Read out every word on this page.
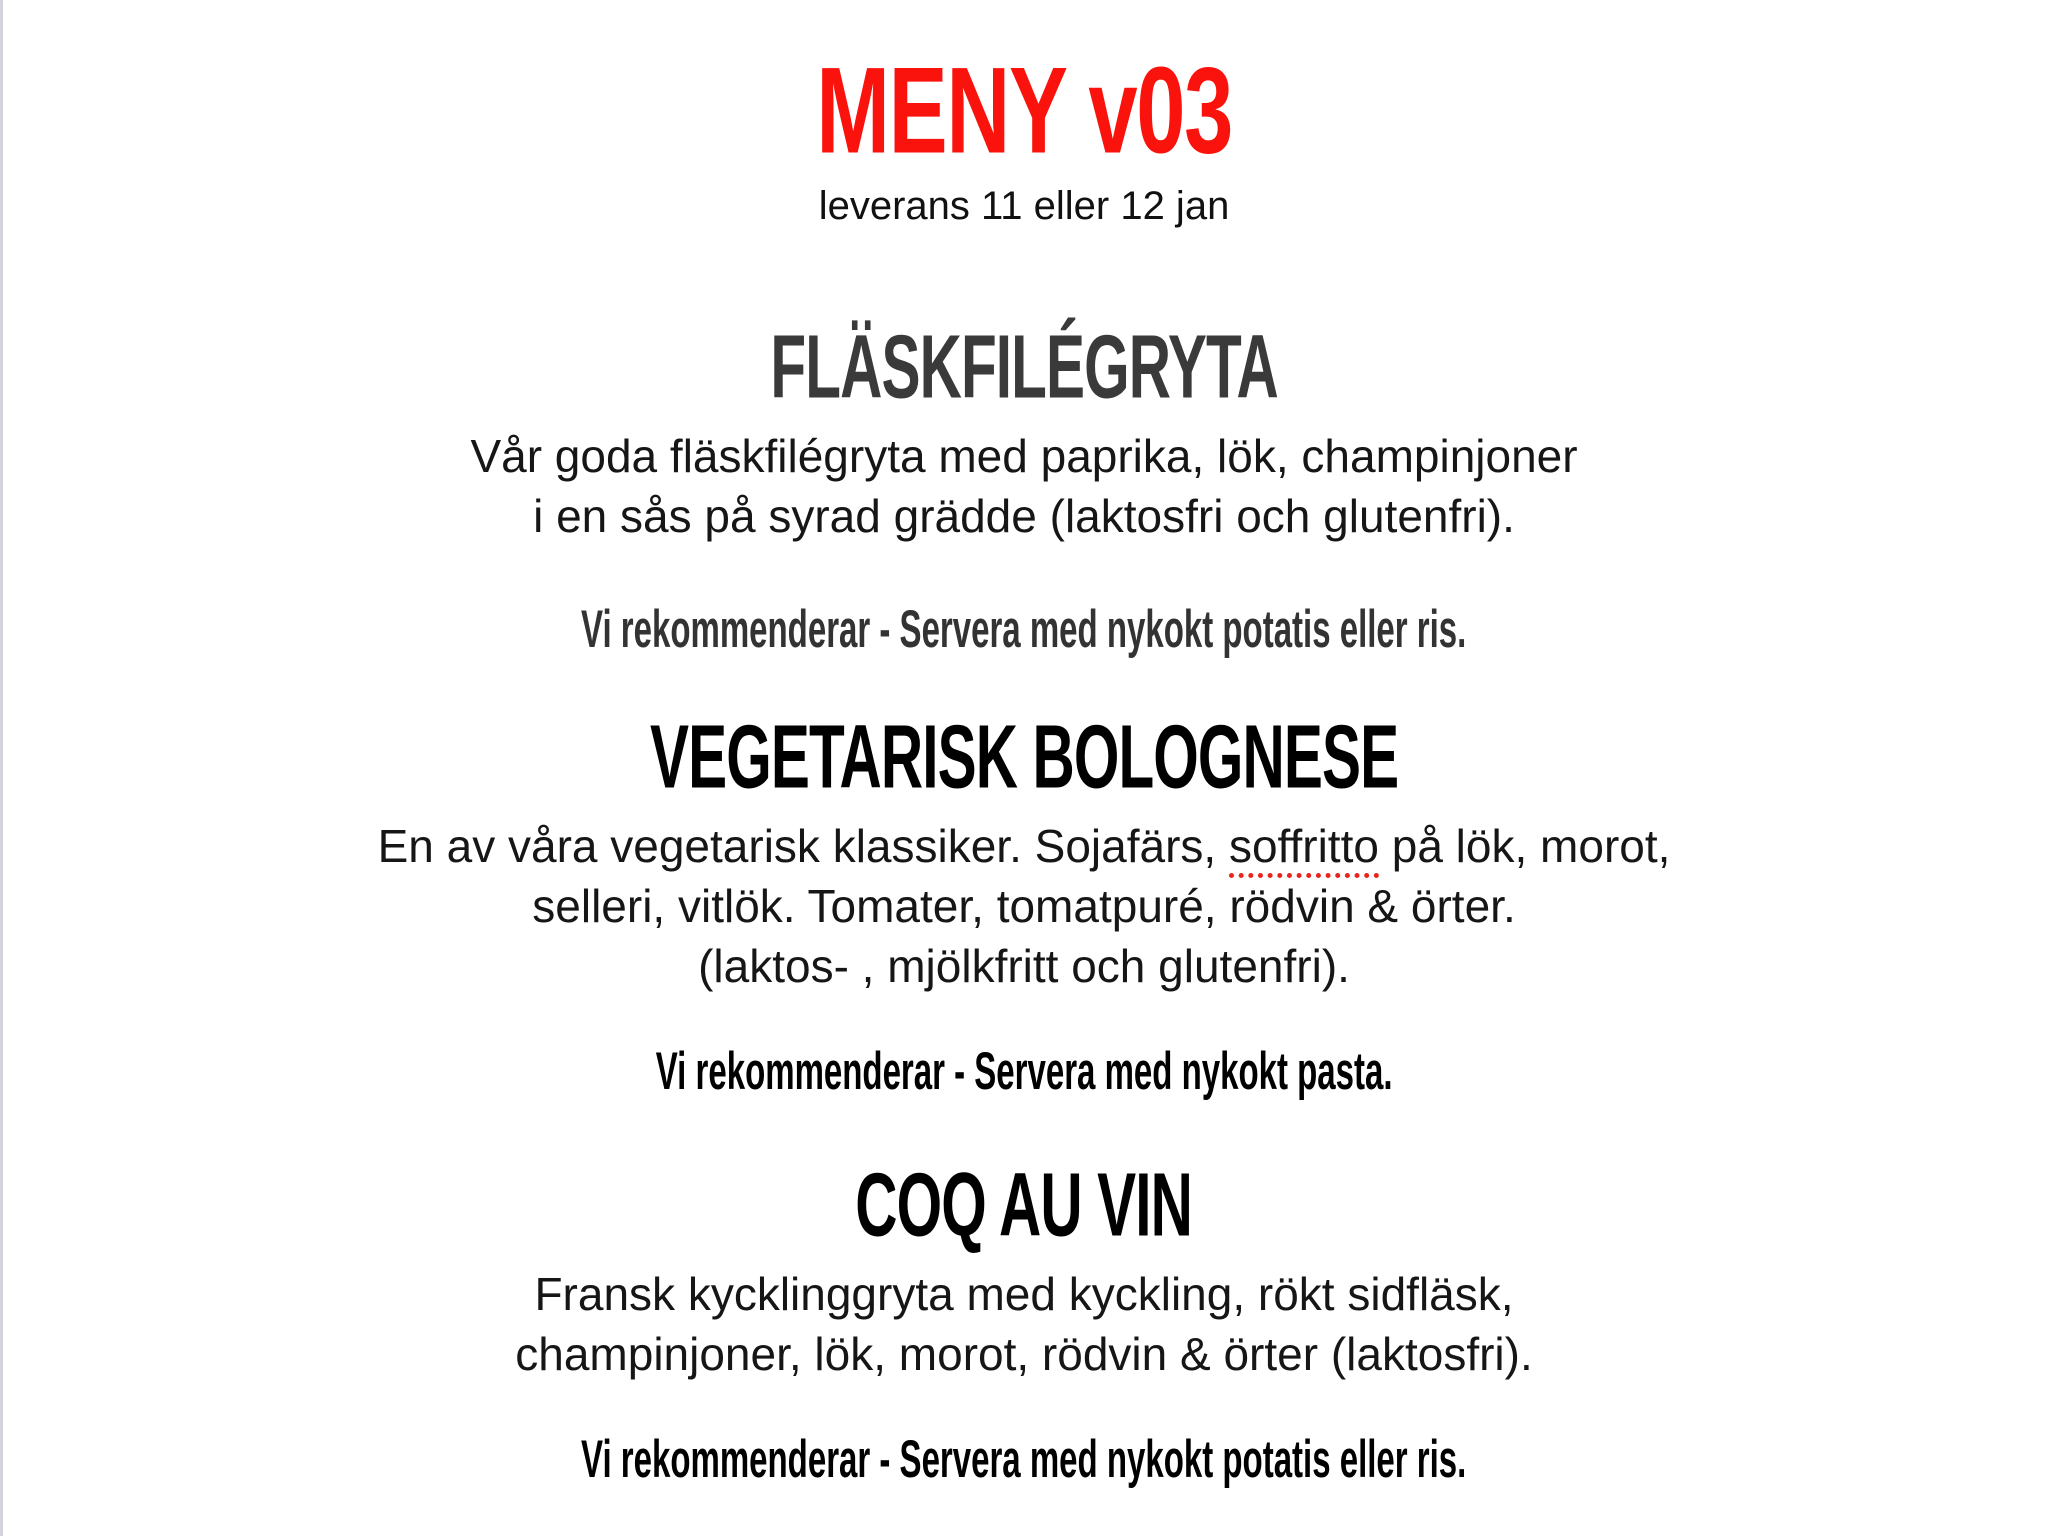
MENY v03
leverans 11 eller 12 jan
FLÄSKFILÉGRYTA

Vår goda fläskfilégryta med paprika, lök, champinjoner
i en sås på syrad grädde (laktosfri och glutenfri).

Vi rekommenderar - Servera med nykokt potatis eller ris.

VEGETARISK BOLOGNESE

En av våra vegetarisk klassiker. Sojafärs, soffritto på lök, morot,
selleri, vitlök. Tomater, tomatpuré, rödvin & örter.
(laktos- , mjölkfritt och glutenfri).

Vi rekommenderar - Servera med nykokt pasta.

COQ AU VIN

Fransk kycklinggryta med kyckling, rökt sidfläsk,
champinjoner, lök, morot, rödvin & örter (laktosfri).

Vi rekommenderar - Servera med nykokt potatis eller ris.
